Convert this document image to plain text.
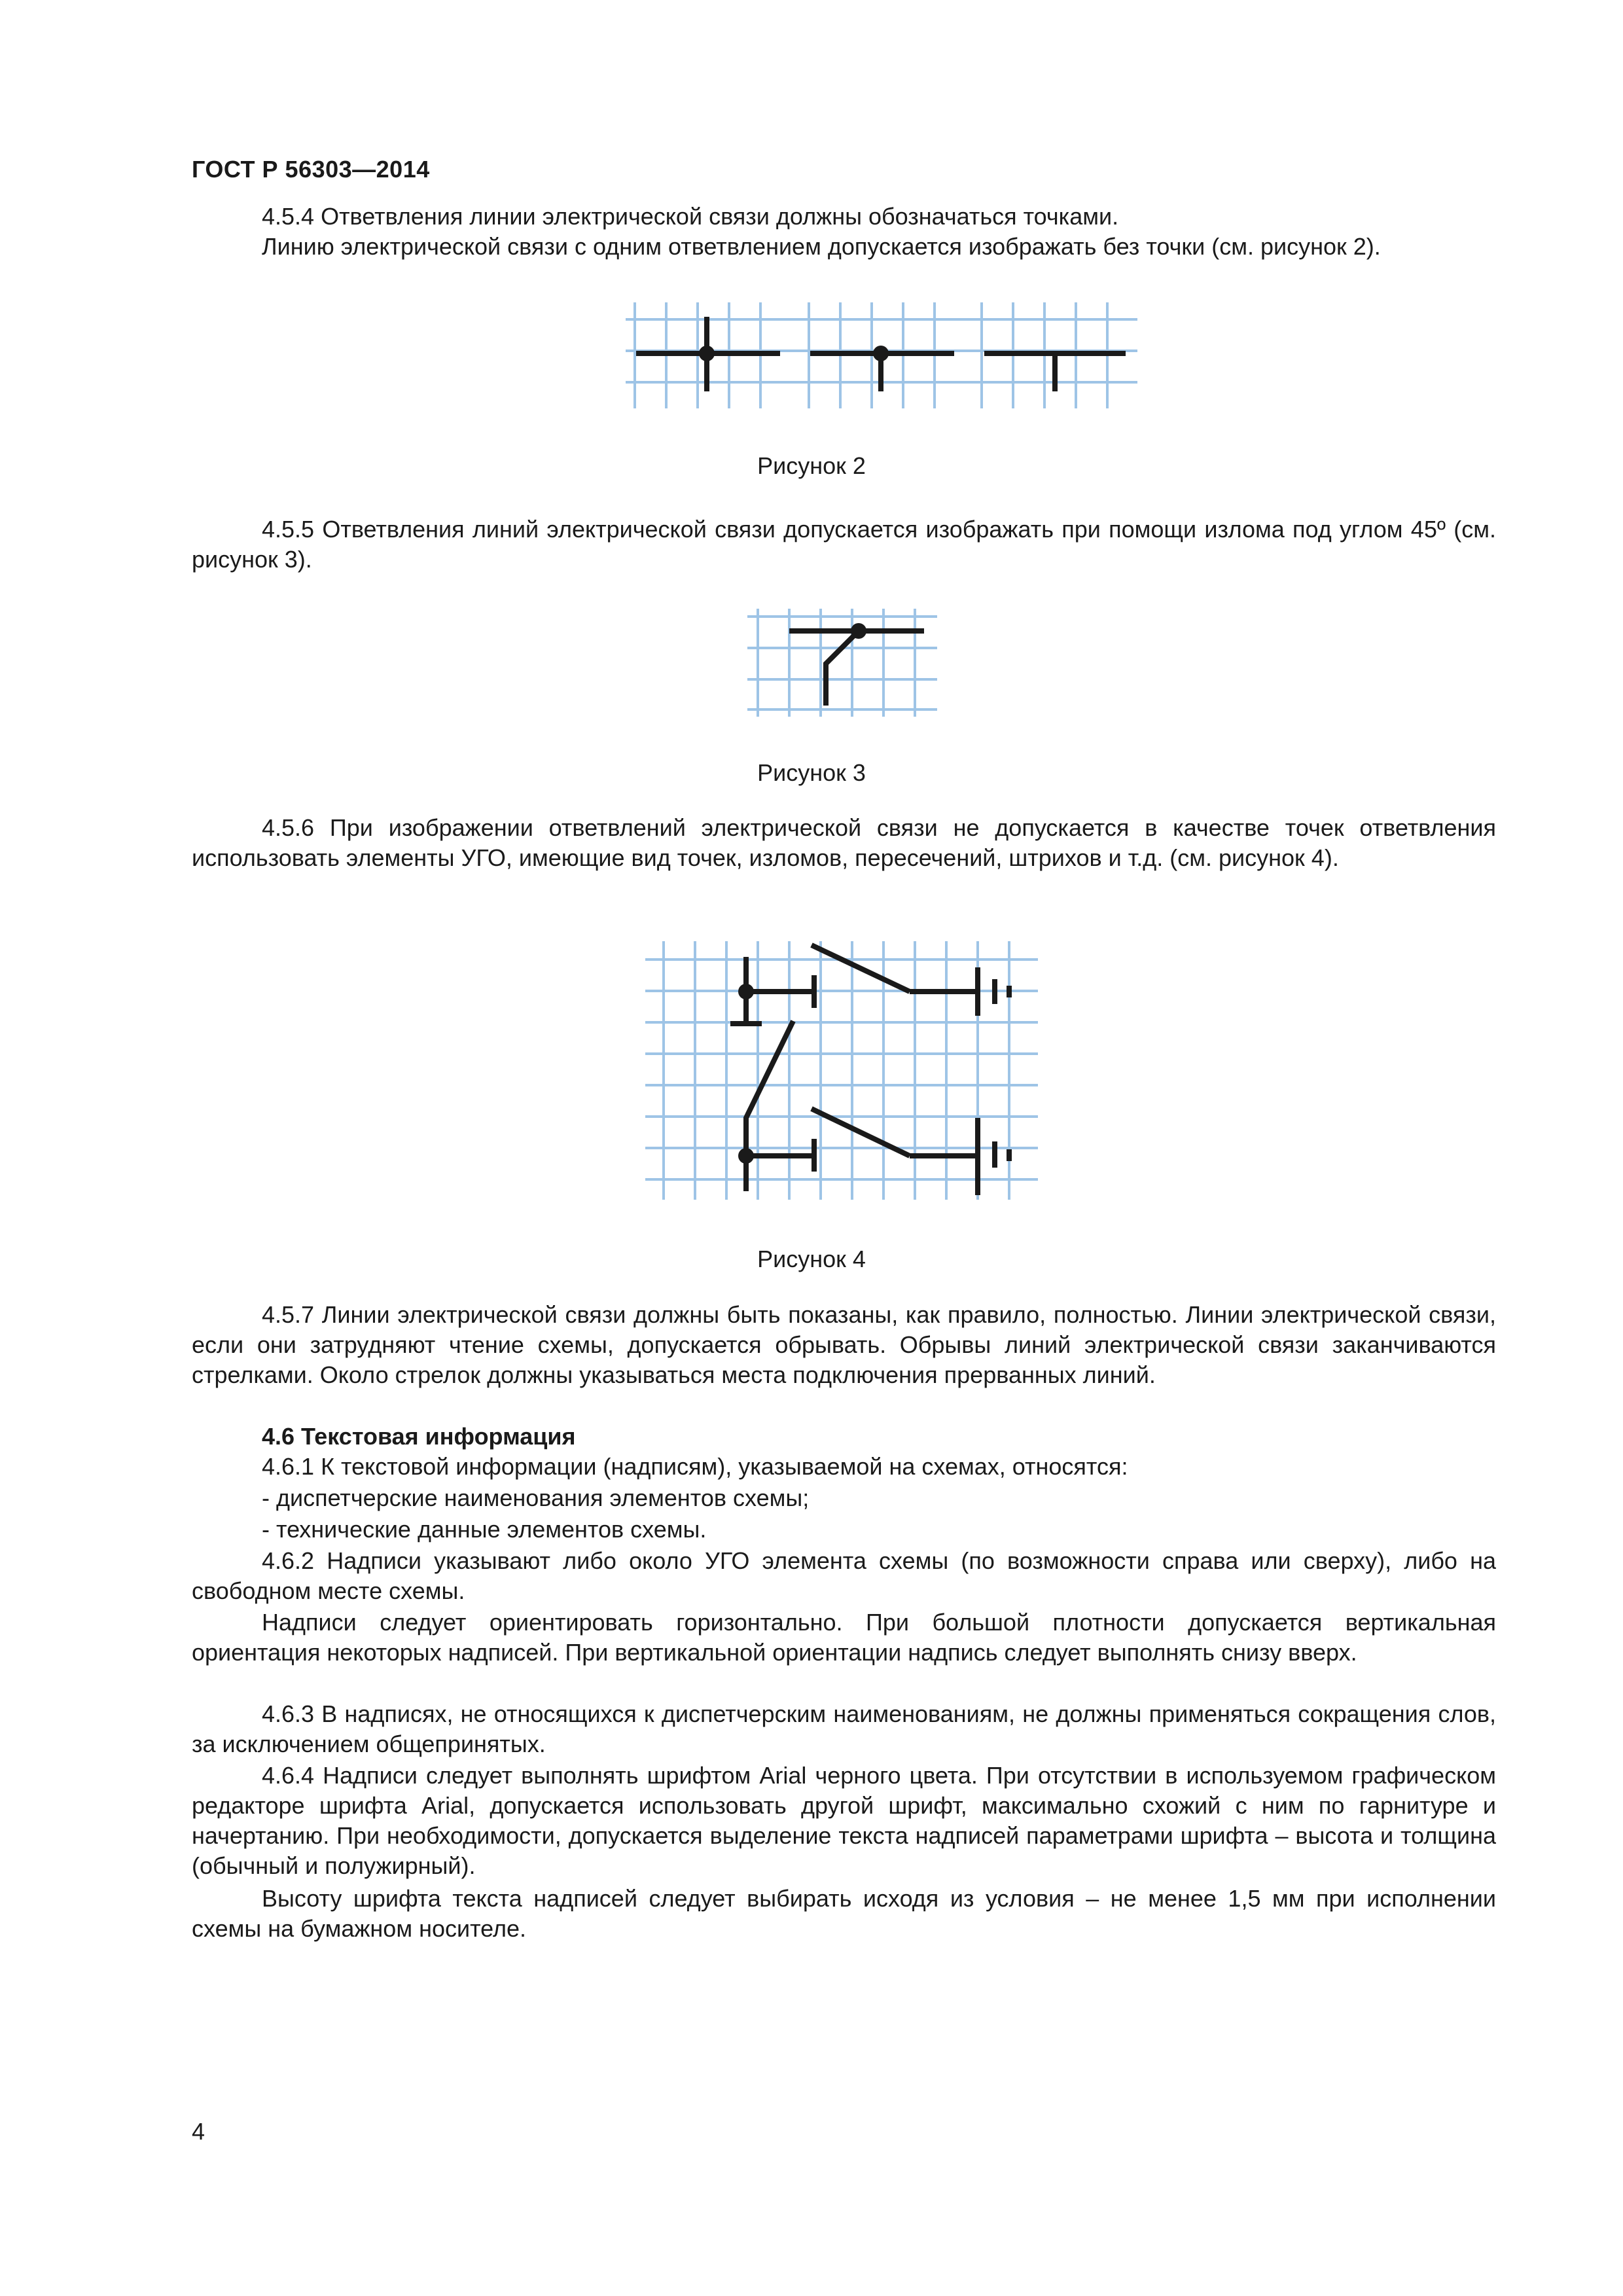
ГОСТ Р 56303—2014

4.5.4 Ответвления линии электрической связи должны обозначаться точками.

Линию электрической связи с одним ответвлением допускается изображать без точки (см. рисунок 2).

Рисунок 2

4.5.5 Ответвления линий электрической связи допускается изображать при помощи излома под углом 45º (см. рисунок 3).

Рисунок 3

4.5.6 При изображении ответвлений электрической связи не допускается в качестве точек ответвления использовать элементы УГО, имеющие вид точек, изломов, пересечений, штрихов и т.д. (см. рисунок 4).

Рисунок 4

4.5.7 Линии электрической связи должны быть показаны, как правило, полностью. Линии электрической связи, если они затрудняют чтение схемы, допускается обрывать. Обрывы линий электрической связи заканчиваются стрелками. Около стрелок должны указываться места подключения прерванных линий.

4.6 Текстовая информация

4.6.1 К текстовой информации (надписям), указываемой на схемах, относятся:

- диспетчерские наименования элементов схемы;

- технические данные элементов схемы.

4.6.2 Надписи указывают либо около УГО элемента схемы (по возможности справа или сверху), либо на свободном месте схемы.

Надписи следует ориентировать горизонтально. При большой плотности допускается вертикальная ориентация некоторых надписей. При вертикальной ориентации надпись следует выполнять снизу вверх.

4.6.3 В надписях, не относящихся к диспетчерским наименованиям, не должны применяться сокращения слов, за исключением общепринятых.

4.6.4 Надписи следует выполнять шрифтом Arial черного цвета. При отсутствии в используемом графическом редакторе шрифта Arial, допускается использовать другой шрифт, максимально схожий с ним по гарнитуре и начертанию. При необходимости, допускается выделение текста надписей параметрами шрифта – высота и толщина (обычный и полужирный).

Высоту шрифта текста надписей следует выбирать исходя из условия – не менее 1,5 мм при исполнении схемы на бумажном носителе.

4
